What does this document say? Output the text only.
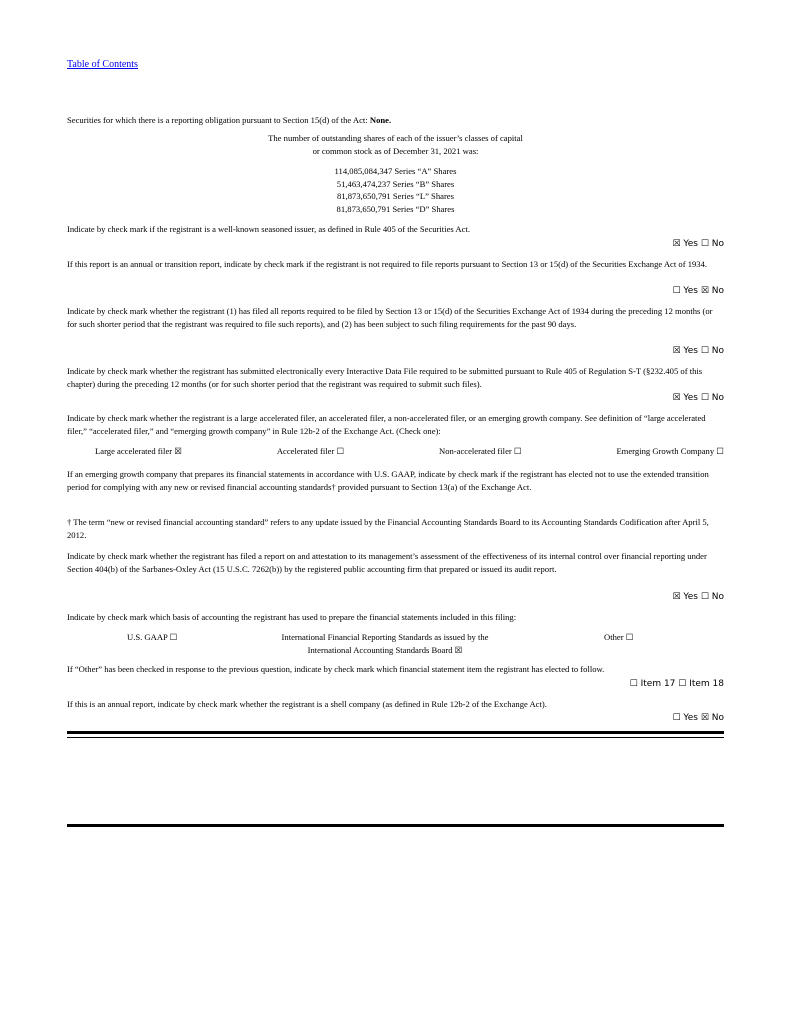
Table of Contents
Securities for which there is a reporting obligation pursuant to Section 15(d) of the Act: None.
The number of outstanding shares of each of the issuer’s classes of capital
or common stock as of December 31, 2021 was:
114,085,084,347 Series “A” Shares
51,463,474,237 Series “B” Shares
81,873,650,791 Series “L” Shares
81,873,650,791 Series “D” Shares
Indicate by check mark if the registrant is a well-known seasoned issuer, as defined in Rule 405 of the Securities Act.
☒ Yes ☐ No
If this report is an annual or transition report, indicate by check mark if the registrant is not required to file reports pursuant to Section 13 or 15(d) of the Securities Exchange Act of 1934.
☐ Yes ☒ No
Indicate by check mark whether the registrant (1) has filed all reports required to be filed by Section 13 or 15(d) of the Securities Exchange Act of 1934 during the preceding 12 months (or for such shorter period that the registrant was required to file such reports), and (2) has been subject to such filing requirements for the past 90 days.
☒ Yes ☐ No
Indicate by check mark whether the registrant has submitted electronically every Interactive Data File required to be submitted pursuant to Rule 405 of Regulation S-T (§232.405 of this chapter) during the preceding 12 months (or for such shorter period that the registrant was required to submit such files).
☒ Yes ☐ No
Indicate by check mark whether the registrant is a large accelerated filer, an accelerated filer, a non-accelerated filer, or an emerging growth company. See definition of “large accelerated filer,” “accelerated filer,” and “emerging growth company” in Rule 12b-2 of the Exchange Act. (Check one):
Large accelerated filer ☒	Accelerated filer ☐	Non-accelerated filer ☐	Emerging Growth Company ☐
If an emerging growth company that prepares its financial statements in accordance with U.S. GAAP, indicate by check mark if the registrant has elected not to use the extended transition period for complying with any new or revised financial accounting standards† provided pursuant to Section 13(a) of the Exchange Act.
† The term “new or revised financial accounting standard” refers to any update issued by the Financial Accounting Standards Board to its Accounting Standards Codification after April 5, 2012.
Indicate by check mark whether the registrant has filed a report on and attestation to its management’s assessment of the effectiveness of its internal control over financial reporting under Section 404(b) of the Sarbanes-Oxley Act (15 U.S.C. 7262(b)) by the registered public accounting firm that prepared or issued its audit report.
☒ Yes ☐ No
Indicate by check mark which basis of accounting the registrant has used to prepare the financial statements included in this filing:
U.S. GAAP ☐	International Financial Reporting Standards as issued by the
International Accounting Standards Board ☒
Other ☐
If “Other” has been checked in response to the previous question, indicate by check mark which financial statement item the registrant has elected to follow.
☐ Item 17 ☐ Item 18
If this is an annual report, indicate by check mark whether the registrant is a shell company (as defined in Rule 12b-2 of the Exchange Act).
☐ Yes ☒ No
